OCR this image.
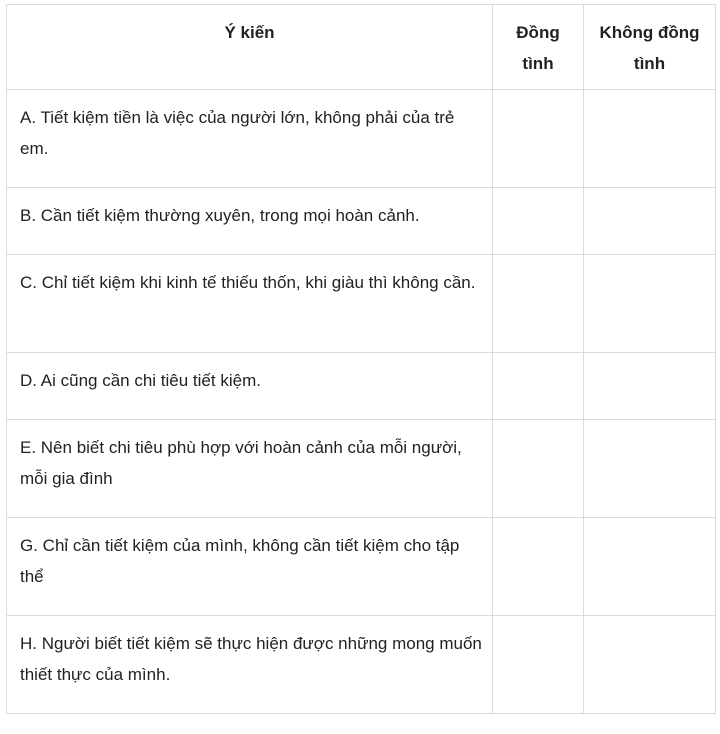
Ý kiến	Đồng tình	Không đồng tình
A. Tiết kiệm tiền là việc của người lớn, không phải của trẻ em.		
B. Cần tiết kiệm thường xuyên, trong mọi hoàn cảnh.		
C. Chỉ tiết kiệm khi kinh tế thiếu thốn, khi giàu thì không cần.		
D. Ai cũng cần chi tiêu tiết kiệm.		
E. Nên biết chi tiêu phù hợp với hoàn cảnh của mỗi người, mỗi gia đình		
G. Chỉ cần tiết kiệm của mình, không cần tiết kiệm cho tập thể		
H. Người biết tiết kiệm sẽ thực hiện được những mong muốn thiết thực của mình.		
